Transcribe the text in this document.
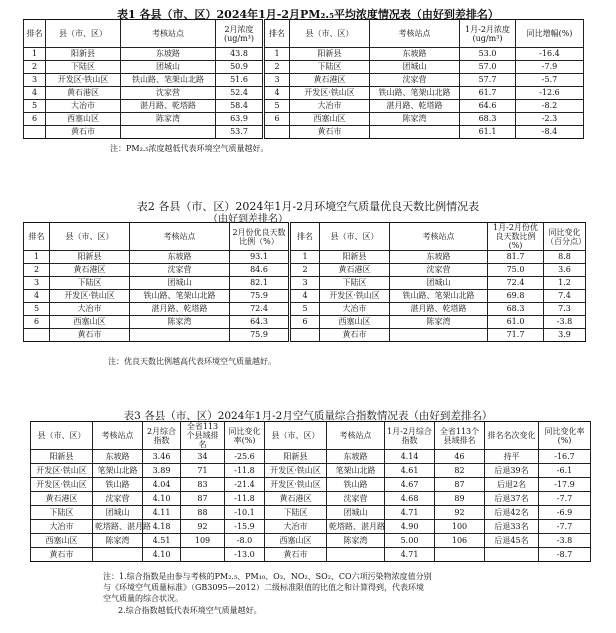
表1 各县（市、区）2024年1月-2月PM₂.₅平均浓度情况表（由好到差排名）
排名	县（市、区）	考核站点	2月浓度(ug/m³)	排名	县（市、区）	考核站点	1月-2月浓度(ug/m³)	同比增幅(%)
1	阳新县	东坡路	43.8	1	阳新县	东坡路	53.0	-16.4
2	下陆区	团城山	50.9	2	下陆区	团城山	57.0	-7.9
3	开发区·铁山区	铁山路、笔架山北路	51.6	3	黄石港区	沈家营	57.7	-5.7
4	黄石港区	沈家营	52.4	4	开发区·铁山区	铁山路、笔架山北路	61.7	-12.6
5	大冶市	湛月路、乾塔路	58.4	5	大冶市	湛月路、乾塔路	64.6	-8.2
6	西塞山区	陈家湾	63.9	6	西塞山区	陈家湾	68.3	-2.3
	黄石市		53.7		黄石市		61.1	-8.4
注：PM₂.₅浓度越低代表环境空气质量越好。
表2 各县（市、区）2024年1月-2月环境空气质量优良天数比例情况表
（由好到差排名）
排名	县（市、区）	考核站点	2月份优良天数比例（%）	排名	县（市、区）	考核站点	1月-2月份优良天数比例(%)	同比变化（百分点）
1	阳新县	东坡路	93.1	1	阳新县	东坡路	81.7	8.8
2	黄石港区	沈家营	84.6	2	黄石港区	沈家营	75.0	3.6
3	下陆区	团城山	82.1	3	下陆区	团城山	72.4	1.2
4	开发区·铁山区	铁山路、笔架山北路	75.9	4	开发区·铁山区	铁山路、笔架山北路	69.8	7.4
5	大冶市	湛月路、乾塔路	72.4	5	大冶市	湛月路、乾塔路	68.3	7.3
6	西塞山区	陈家湾	64.3	6	西塞山区	陈家湾	61.0	-3.8
	黄石市		75.9		黄石市		71.7	3.9
注：优良天数比例越高代表环境空气质量越好。
表3 各县（市、区）2024年1月-2月空气质量综合指数情况表（由好到差排名）
县（市、区）	考核站点	2月综合指数	全省113个县域排名	同比变化率(%)	县（市、区）	考核站点	1月-2月综合指数	全省113个县域排名	排名名次变化	同比变化率(%)
阳新县	东坡路	3.46	34	-25.6	阳新县	东坡路	4.14	46	持平	-16.7
开发区·铁山区	笔架山北路	3.89	71	-11.8	开发区·铁山区	笔架山北路	4.61	82	后退39名	-6.1
开发区·铁山区	铁山路	4.04	83	-21.4	开发区·铁山区	铁山路	4.67	87	后退2名	-17.9
黄石港区	沈家营	4.10	87	-11.8	黄石港区	沈家营	4.68	89	后退37名	-7.7
下陆区	团城山	4.11	88	-10.1	下陆区	团城山	4.71	92	后退42名	-6.9
大冶市	乾塔路、湛月路	4.18	92	-15.9	大冶市	乾塔路、湛月路	4.90	100	后退33名	-7.7
西塞山区	陈家湾	4.51	109	-8.0	西塞山区	陈家湾	5.00	106	后退45名	-3.8
黄石市		4.10		-13.0	黄石市		4.71			-8.7
注：1.综合指数是由参与考核的PM₂.₅、PM₁₀、O₃、NO₂、SO₂、CO六项污染物浓度值分别
与《环境空气质量标准》（GB3095—2012）二级标准限值的比值之和计算得到，代表环境
空气质量的综合状况。
2.综合指数越低代表环境空气质量越好。
